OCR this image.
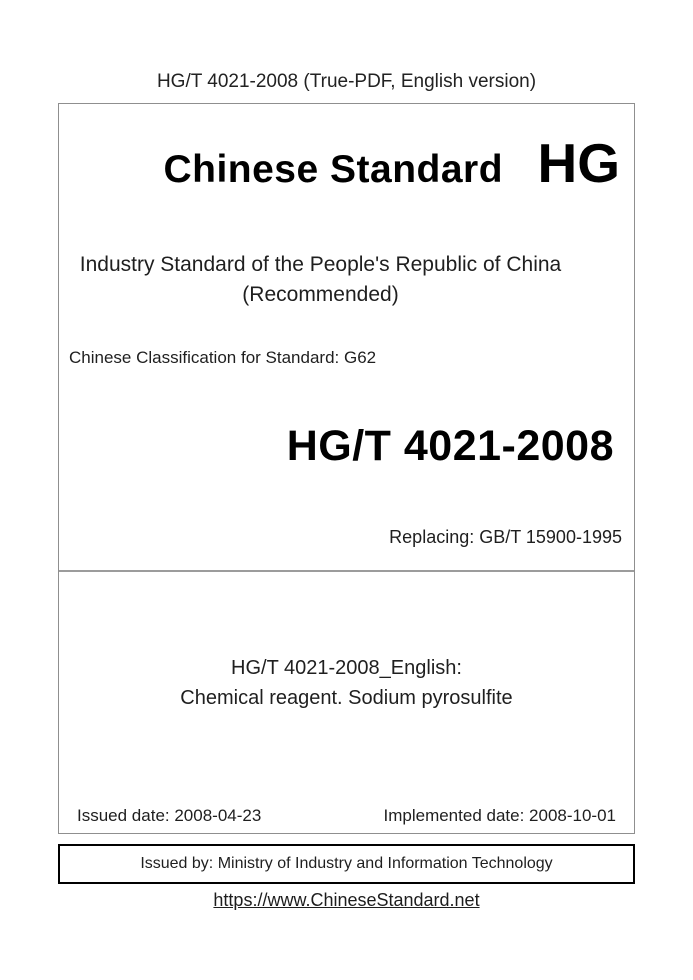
HG/T 4021-2008 (True-PDF, English version)
Chinese Standard HG
Industry Standard of the People's Republic of China
(Recommended)
Chinese Classification for Standard: G62
HG/T 4021-2008
Replacing: GB/T 15900-1995
HG/T 4021-2008_English:
Chemical reagent. Sodium pyrosulfite
Issued date: 2008-04-23	Implemented date: 2008-10-01
Issued by: Ministry of Industry and Information Technology
https://www.ChineseStandard.net
